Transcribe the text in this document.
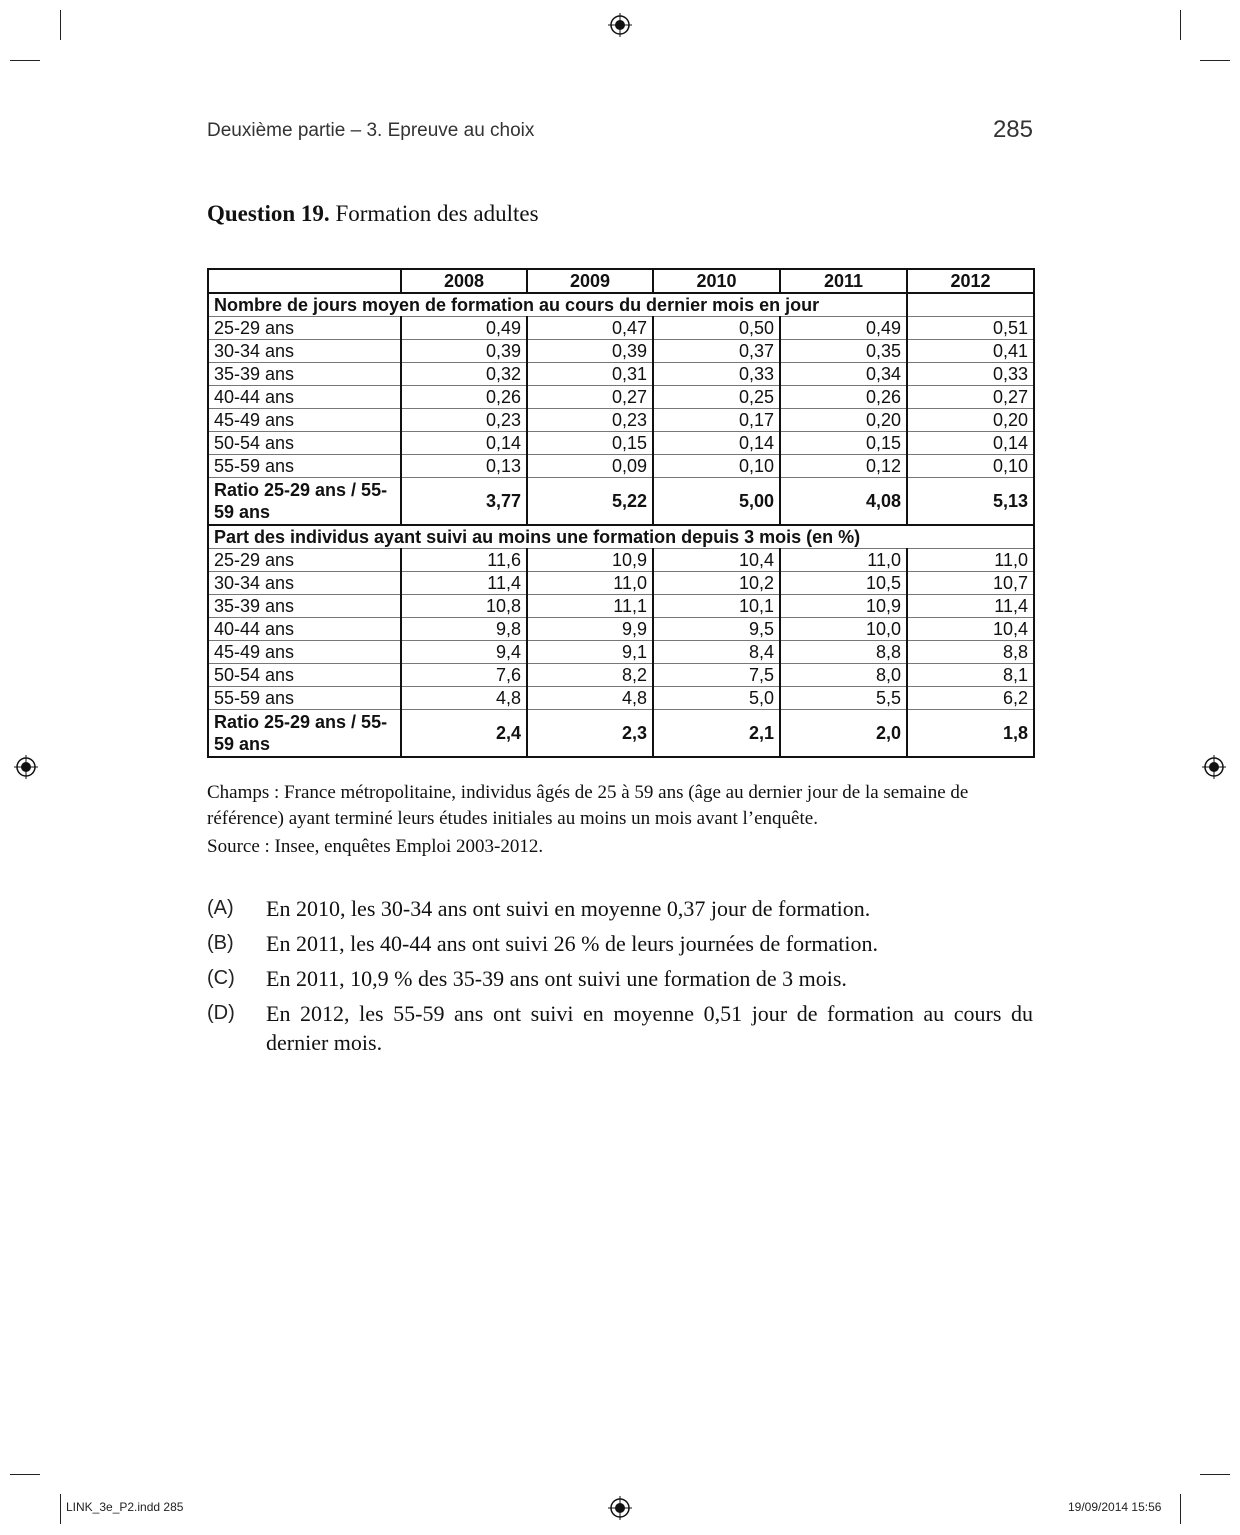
Deuxième partie – 3. Epreuve au choix	285
Question 19. Formation des adultes
	2008	2009	2010	2011	2012
Nombre de jours moyen de formation au cours du dernier mois en jour					
25-29 ans	0,49	0,47	0,50	0,49	0,51
30-34 ans	0,39	0,39	0,37	0,35	0,41
35-39 ans	0,32	0,31	0,33	0,34	0,33
40-44 ans	0,26	0,27	0,25	0,26	0,27
45-49 ans	0,23	0,23	0,17	0,20	0,20
50-54 ans	0,14	0,15	0,14	0,15	0,14
55-59 ans	0,13	0,09	0,10	0,12	0,10
Ratio 25-29 ans / 55-
59 ans	3,77	5,22	5,00	4,08	5,13
Part des individus ayant suivi au moins une formation depuis 3 mois (en %)					
25-29 ans	11,6	10,9	10,4	11,0	11,0
30-34 ans	11,4	11,0	10,2	10,5	10,7
35-39 ans	10,8	11,1	10,1	10,9	11,4
40-44 ans	9,8	9,9	9,5	10,0	10,4
45-49 ans	9,4	9,1	8,4	8,8	8,8
50-54 ans	7,6	8,2	7,5	8,0	8,1
55-59 ans	4,8	4,8	5,0	5,5	6,2
Ratio 25-29 ans / 55-
59 ans	2,4	2,3	2,1	2,0	1,8

Champs : France métropolitaine, individus âgés de 25 à 59 ans (âge au dernier jour de la semaine de référence) ayant terminé leurs études initiales au moins un mois avant l’enquête.

Source : Insee, enquêtes Emploi 2003-2012.

(A)	En 2010, les 30-34 ans ont suivi en moyenne 0,37 jour de formation.
(B)	En 2011, les 40-44 ans ont suivi 26 % de leurs journées de formation.
(C)	En 2011, 10,9 % des 35-39 ans ont suivi une formation de 3 mois.
(D)	En 2012, les 55-59 ans ont suivi en moyenne 0,51 jour de formation au cours du dernier mois.
LINK_3e_P2.indd 285	19/09/2014 15:56
